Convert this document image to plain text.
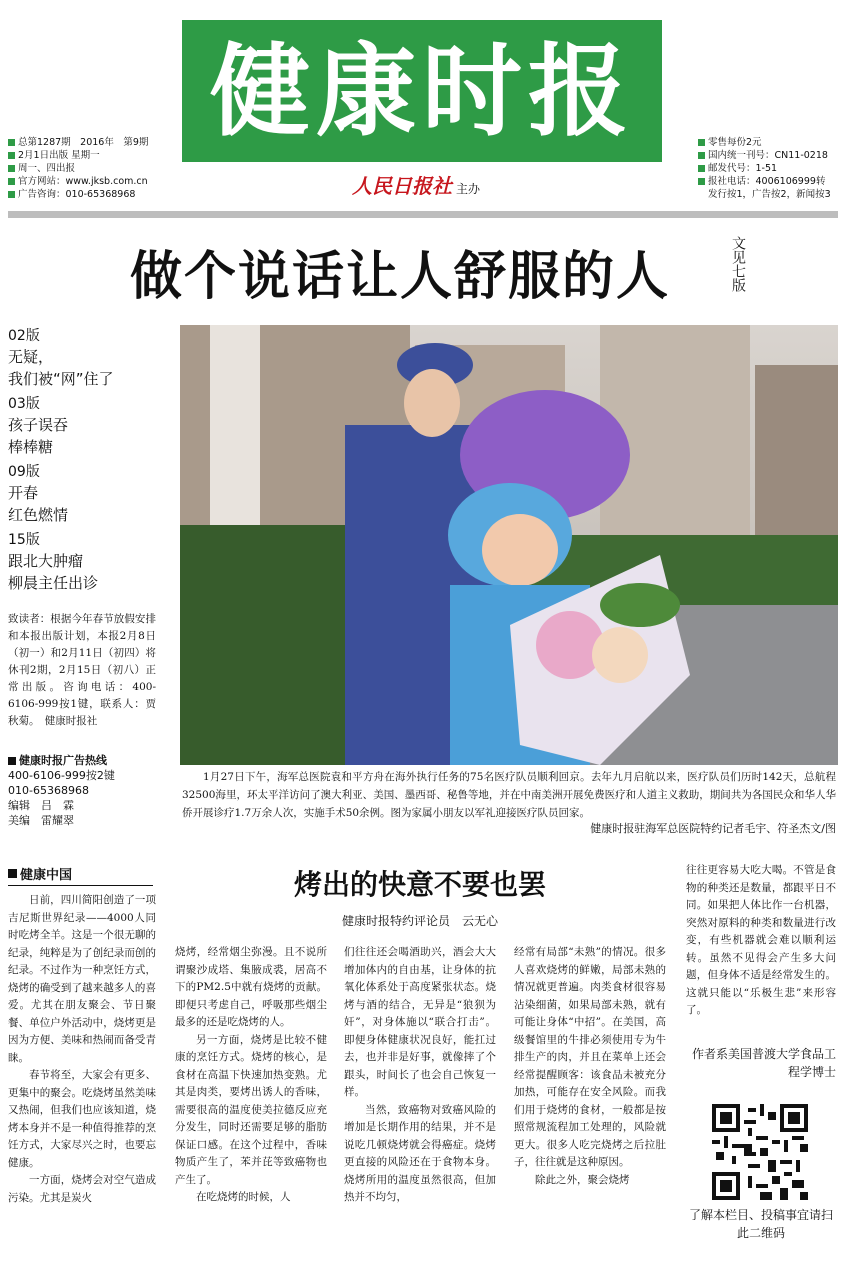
健康时报
总第1287期　2016年　第9期
2月1日出版 星期一
周一、四出报
官方网站：www.jksb.com.cn
广告咨询：010-65368968
零售每份2元
国内统一刊号：CN11-0218
邮发代号：1-51
报社电话：4006106999转
发行按1，广告按2，新闻按3
人民日报社 主办
做个说话让人舒服的人	文见七版
02版
无疑，
我们被“网”住了
03版
孩子误吞
棒棒糖
09版
开春
红色燃情
15版
跟北大肿瘤
柳晨主任出诊
致读者：根据今年春节放假安排和本报出版计划，本报2月8日（初一）和2月11日（初四）将休刊2期，2月15日（初八）正常出版。咨询电话：400-6106-999按1键，联系人：贾秋菊。　健康时报社
健康时报广告热线
400-6106-999按2键
010-65368968
编辑　吕　霖
美编　雷耀翠
1月27日下午，海军总医院袁和平方舟在海外执行任务的75名医疗队员顺利回京。去年九月启航以来，医疗队员们历时142天，总航程32500海里，环太平洋访问了澳大利亚、美国、墨西哥、秘鲁等地，并在中南美洲开展免费医疗和人道主义救助，期间共为各国民众和华人华侨开展诊疗1.7万余人次，实施手术50余例。图为家属小朋友以军礼迎接医疗队员回家。
健康时报驻海军总医院特约记者毛宇、符圣杰文/图
健康中国	烤出的快意不要也罢
健康时报特约评论员　云无心

日前，四川简阳创造了一项吉尼斯世界纪录——4000人同时吃烤全羊。这是一个很无聊的纪录，纯粹是为了创纪录而创的纪录。不过作为一种烹饪方式，烧烤的确受到了越来越多人的喜爱。尤其在朋友聚会、节日聚餐、单位户外活动中，烧烤更是因为方便、美味和热闹而备受青睐。

春节将至，大家会有更多、更集中的聚会。吃烧烤虽然美味又热闹，但我们也应该知道，烧烤本身并不是一种值得推荐的烹饪方式，大家尽兴之时，也要忘健康。

一方面，烧烤会对空气造成污染。尤其是炭火

烧烤，经常烟尘弥漫。且不说所谓聚沙成塔、集腋成裘，居高不下的PM2.5中就有烧烤的贡献。即便只考虑自己，呼吸那些烟尘最多的还是吃烧烤的人。

另一方面，烧烤是比较不健康的烹饪方式。烧烤的核心，是食材在高温下快速加热变熟。尤其是肉类，要烤出诱人的香味，需要很高的温度使美拉德反应充分发生，同时还需要足够的脂肪保证口感。在这个过程中，香味物质产生了，苯并芘等致癌物也产生了。

在吃烧烤的时候，人

们往往还会喝酒助兴，酒会大大增加体内的自由基，让身体的抗氧化体系处于高度紧张状态。烧烤与酒的结合，无异是“狼狈为奸”，对身体施以“联合打击”。即便身体健康状况良好，能扛过去，也并非是好事，就像摔了个跟头，时间长了也会自己恢复一样。

当然，致癌物对致癌风险的增加是长期作用的结果，并不是说吃几顿烧烤就会得癌症。烧烤更直接的风险还在于食物本身。烧烤所用的温度虽然很高，但加热并不均匀，

经常有局部“未熟”的情况。很多人喜欢烧烤的鲜嫩，局部未熟的情况就更普遍。肉类食材很容易沾染细菌，如果局部未熟，就有可能让身体“中招”。在美国，高级餐馆里的牛排必须使用专为牛排生产的肉，并且在菜单上还会经常提醒顾客：该食品未被充分加热，可能存在安全风险。而我们用于烧烤的食材，一般都是按照常规流程加工处理的，风险就更大。很多人吃完烧烤之后拉肚子，往往就是这种原因。

除此之外，聚会烧烤

往往更容易大吃大喝。不管是食物的种类还是数量，都跟平日不同。如果把人体比作一台机器，突然对原料的种类和数量进行改变，有些机器就会难以顺利运转。虽然不见得会产生多大问题，但身体不适是经常发生的。这就只能以“乐极生悲”来形容了。

作者系美国普渡大学食品工程学博士
了解本栏目、投稿事宜请扫此二维码
